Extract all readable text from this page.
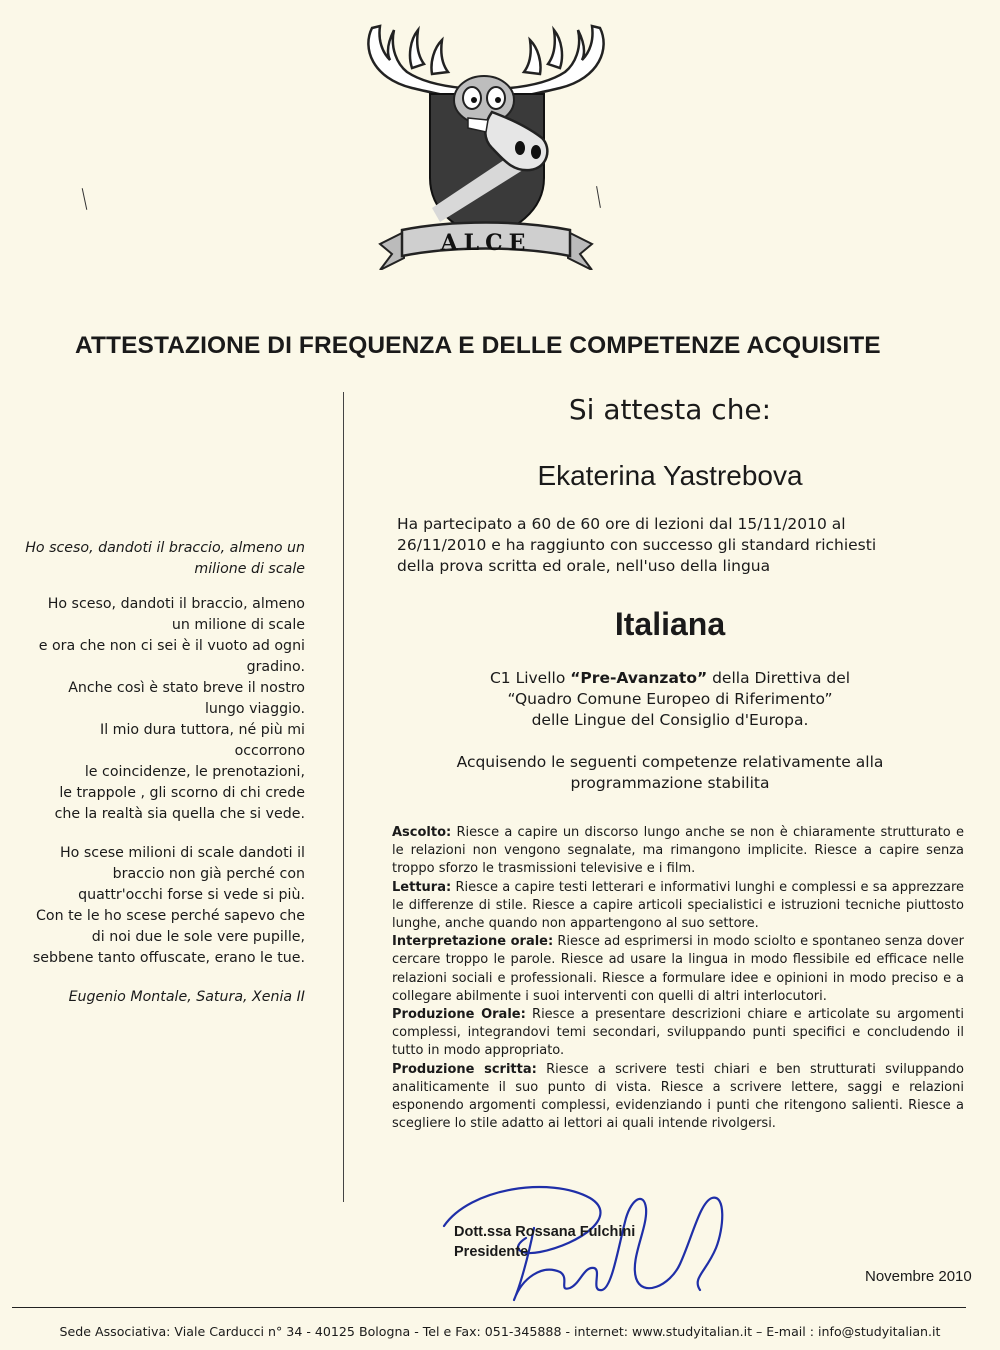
ALCE
ATTESTAZIONE DI FREQUENZA E DELLE COMPETENZE ACQUISITE
Ho sceso, dandoti il braccio, almeno un
milione di scale
Ho sceso, dandoti il braccio, almeno
un milione di scale
e ora che non ci sei è il vuoto ad ogni
gradino.
Anche così è stato breve il nostro
lungo viaggio.
Il mio dura tuttora, né più mi
occorrono
le coincidenze, le prenotazioni,
le trappole , gli scorno di chi crede
che la realtà sia quella che si vede.
Ho scese milioni di scale dandoti il
braccio non già perché con
quattr'occhi forse si vede si più.
Con te le ho scese perché sapevo che
di noi due le sole vere pupille,
sebbene tanto offuscate, erano le tue.
Eugenio Montale, Satura, Xenia II
Si attesta che:
Ekaterina Yastrebova
Ha partecipato a 60 de 60 ore di lezioni dal 15/11/2010 al
26/11/2010 e ha raggiunto con successo gli standard richiesti
della prova scritta ed orale, nell'uso della lingua
Italiana
C1 Livello “Pre-Avanzato” della Direttiva del
“Quadro Comune Europeo di Riferimento”
delle Lingue del Consiglio d'Europa.
Acquisendo le seguenti competenze relativamente alla
programmazione stabilita

Ascolto: Riesce a capire un discorso lungo anche se non è chiaramente strutturato e le relazioni non vengono segnalate, ma rimangono implicite. Riesce a capire senza troppo sforzo le trasmissioni televisive e i film.

Lettura: Riesce a capire testi letterari e informativi lunghi e complessi e sa apprezzare le differenze di stile. Riesce a capire articoli specialistici e istruzioni tecniche piuttosto lunghe, anche quando non appartengono al suo settore.

Interpretazione orale: Riesce ad esprimersi in modo sciolto e spontaneo senza dover cercare troppo le parole. Riesce ad usare la lingua in modo flessibile ed efficace nelle relazioni sociali e professionali. Riesce a formulare idee e opinioni in modo preciso e a collegare abilmente i suoi interventi con quelli di altri interlocutori.

Produzione Orale: Riesce a presentare descrizioni chiare e articolate su argomenti complessi, integrandovi temi secondari, sviluppando punti specifici e concludendo il tutto in modo appropriato.

Produzione scritta: Riesce a scrivere testi chiari e ben strutturati sviluppando analiticamente il suo punto di vista. Riesce a scrivere lettere, saggi e relazioni esponendo argomenti complessi, evidenziando i punti che ritengono salienti. Riesce a scegliere lo stile adatto ai lettori ai quali intende rivolgersi.

Dott.ssa Rossana Fulchini
Presidente
Novembre 2010
Sede Associativa: Viale Carducci n° 34 - 40125 Bologna - Tel e Fax: 051-345888 - internet: www.studyitalian.it – E-mail : info@studyitalian.it
